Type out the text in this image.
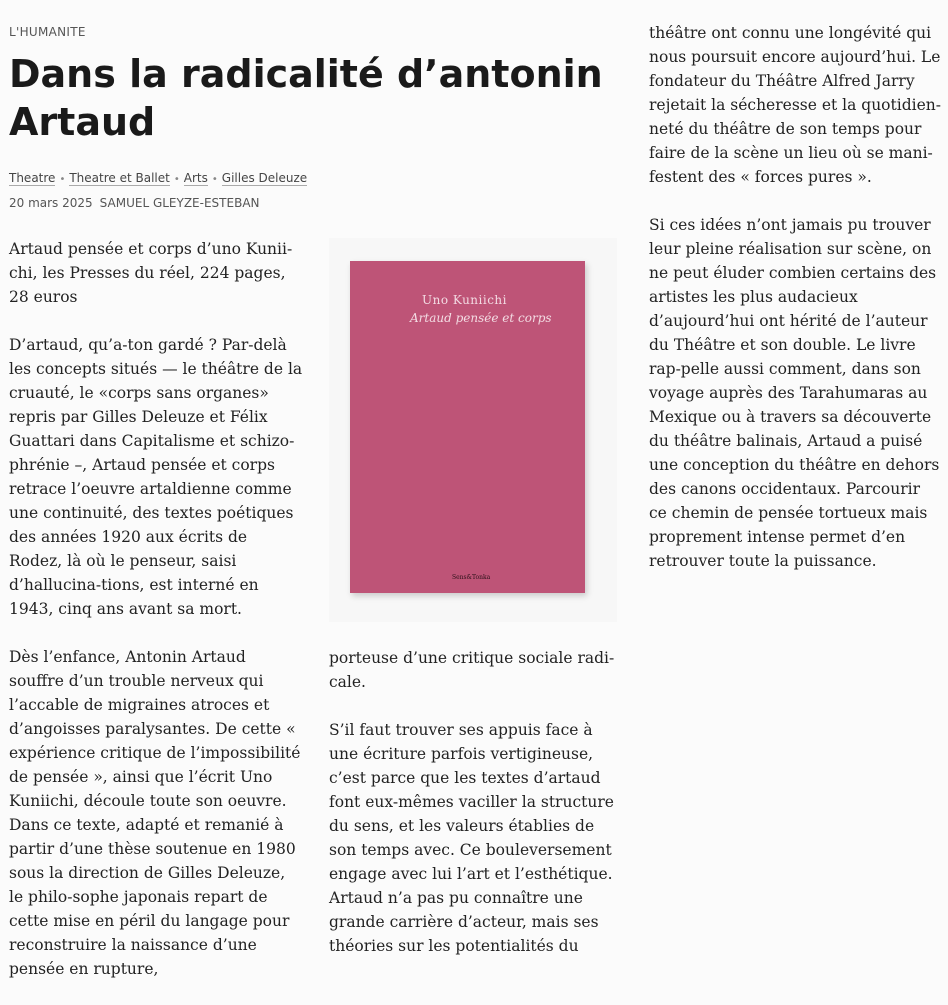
L'HUMANITE
Dans la radicalité d’antonin Artaud
Theatre • Theatre et Ballet • Arts • Gilles Deleuze
20 mars 2025 SAMUEL GLEYZE-ESTEBAN

Artaud pensée et corps d’uno Kunii-chi, les Presses du réel, 224 pages, 28 euros

D’artaud, qu’a-ton gardé ? Par-delà les concepts situés — le théâtre de la cruauté, le «corps sans organes» repris par Gilles Deleuze et Félix Guattari dans Capitalisme et schizo-phrénie –, Artaud pensée et corps retrace l’oeuvre artaldienne comme une continuité, des textes poétiques des années 1920 aux écrits de Rodez, là où le penseur, saisi d’hallucina-tions, est interné en 1943, cinq ans avant sa mort.

Dès l’enfance, Antonin Artaud souffre d’un trouble nerveux qui l’accable de migraines atroces et d’angoisses paralysantes. De cette « expérience critique de l’impossibilité de pensée », ainsi que l’écrit Uno Kuniichi, découle toute son oeuvre. Dans ce texte, adapté et remanié à partir d’une thèse soutenue en 1980 sous la direction de Gilles Deleuze, le philo-sophe japonais repart de cette mise en péril du langage pour reconstruire la naissance d’une pensée en rupture,

Uno Kuniichi
Artaud pensée et corps
Sens&Tonka

porteuse d’une critique sociale radi-cale.

S’il faut trouver ses appuis face à une écriture parfois vertigineuse, c’est parce que les textes d’artaud font eux-mêmes vaciller la structure du sens, et les valeurs établies de son temps avec. Ce bouleversement engage avec lui l’art et l’esthétique. Artaud n’a pas pu connaître une grande carrière d’acteur, mais ses théories sur les potentialités du

théâtre ont connu une longévité qui nous poursuit encore aujourd’hui. Le fondateur du Théâtre Alfred Jarry rejetait la sécheresse et la quotidien-neté du théâtre de son temps pour faire de la scène un lieu où se mani-festent des « forces pures ».

Si ces idées n’ont jamais pu trouver leur pleine réalisation sur scène, on ne peut éluder combien certains des artistes les plus audacieux d’aujourd’hui ont hérité de l’auteur du Théâtre et son double. Le livre rap-pelle aussi comment, dans son voyage auprès des Tarahumaras au Mexique ou à travers sa découverte du théâtre balinais, Artaud a puisé une conception du théâtre en dehors des canons occidentaux. Parcourir ce chemin de pensée tortueux mais proprement intense permet d’en retrouver toute la puissance.
